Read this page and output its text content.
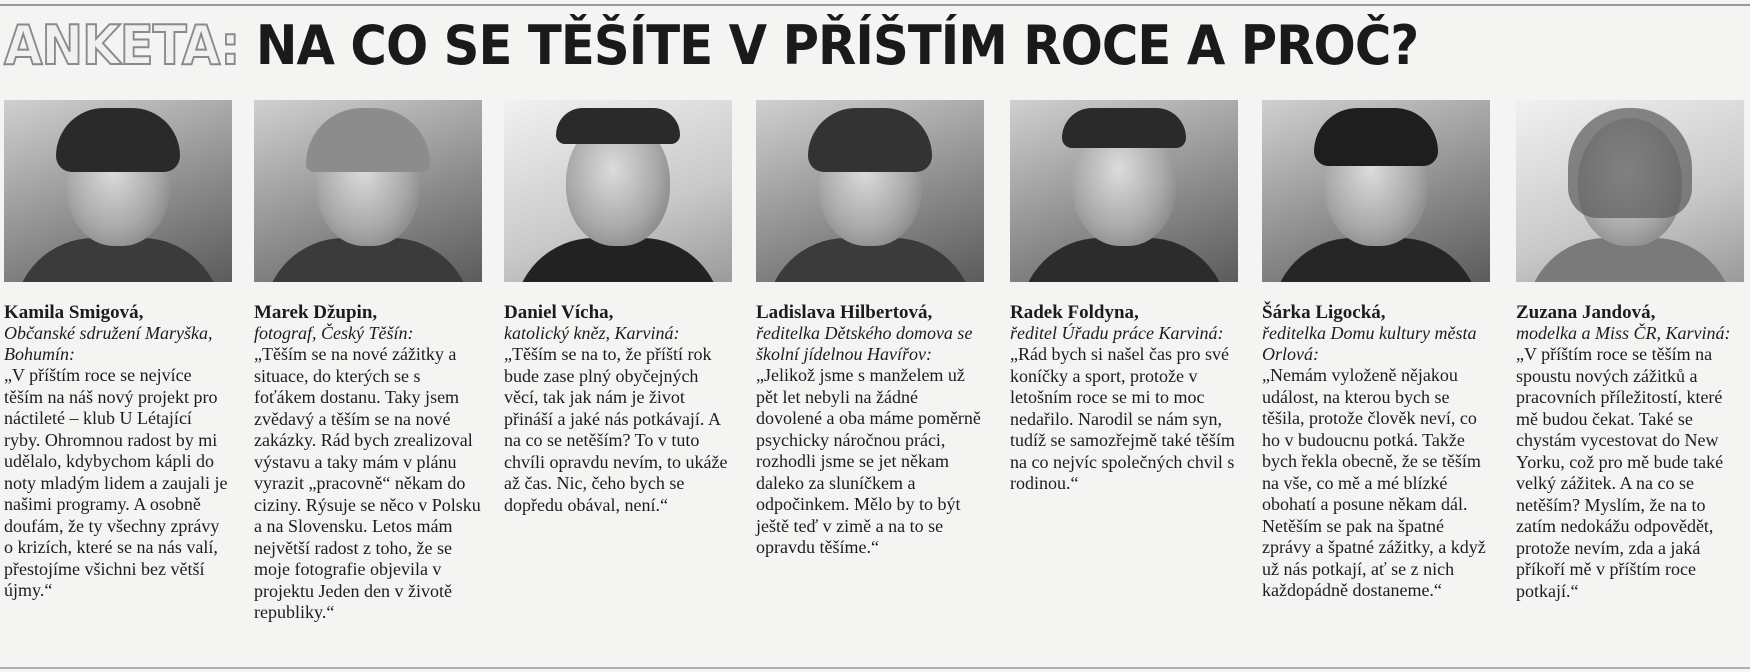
ANKETA: NA CO SE TĚŠÍTE V PŘÍŠTÍM ROCE A PROČ?
Kamila Smigová,
Občanské sdružení Maryška, Bohumín:

„V příštím roce se nejvíce těším na náš nový projekt pro náctileté – klub U Létající ryby. Ohromnou radost by mi udělalo, kdybychom kápli do noty mladým lidem a zaujali je našimi programy. A osobně doufám, že ty všechny zprávy o krizích, které se na nás valí, přestojíme všichni bez větší újmy.“

Marek Džupin,
fotograf, Český Těšín:

„Těším se na nové zážitky a situace, do kterých se s foťákem dostanu. Taky jsem zvědavý a těším se na nové zakázky. Rád bych zrealizoval výstavu a taky mám v plánu vyrazit „pracovně“ někam do ciziny. Rýsuje se něco v Polsku a na Slovensku. Letos mám největší radost z toho, že se moje fotografie objevila v projektu Jeden den v životě republiky.“

Daniel Vícha,
katolický kněz, Karviná:

„Těším se na to, že příští rok bude zase plný obyčejných věcí, tak jak nám je život přináší a jaké nás potkávají. A na co se netěším? To v tuto chvíli opravdu nevím, to ukáže až čas. Nic, čeho bych se dopředu obával, není.“

Ladislava Hilbertová,
ředitelka Dětského domova se školní jídelnou Havířov:

„Jelikož jsme s manželem už pět let nebyli na žádné dovolené a oba máme poměrně psychicky náročnou práci, rozhodli jsme se jet někam daleko za sluníčkem a odpočinkem. Mělo by to být ještě teď v zimě a na to se opravdu těšíme.“

Radek Foldyna,
ředitel Úřadu práce Karviná:

„Rád bych si našel čas pro své koníčky a sport, protože v letošním roce se mi to moc nedařilo. Narodil se nám syn, tudíž se samozřejmě také těším na co nejvíc společných chvil s rodinou.“

Šárka Ligocká,
ředitelka Domu kultury města Orlová:

„Nemám vyloženě nějakou událost, na kterou bych se těšila, protože člověk neví, co ho v budoucnu potká. Takže bych řekla obecně, že se těším na vše, co mě a mé blízké obohatí a posune někam dál. Netěším se pak na špatné zprávy a špatné zážitky, a když už nás potkají, ať se z nich každopádně dostaneme.“

Zuzana Jandová,
modelka a Miss ČR, Karviná:

„V příštím roce se těším na spoustu nových zážitků a pracovních příležitostí, které mě budou čekat. Také se chystám vycestovat do New Yorku, což pro mě bude také velký zážitek. A na co se netěším? Myslím, že na to zatím nedokážu odpovědět, protože nevím, zda a jaká příkoří mě v příštím roce potkají.“
